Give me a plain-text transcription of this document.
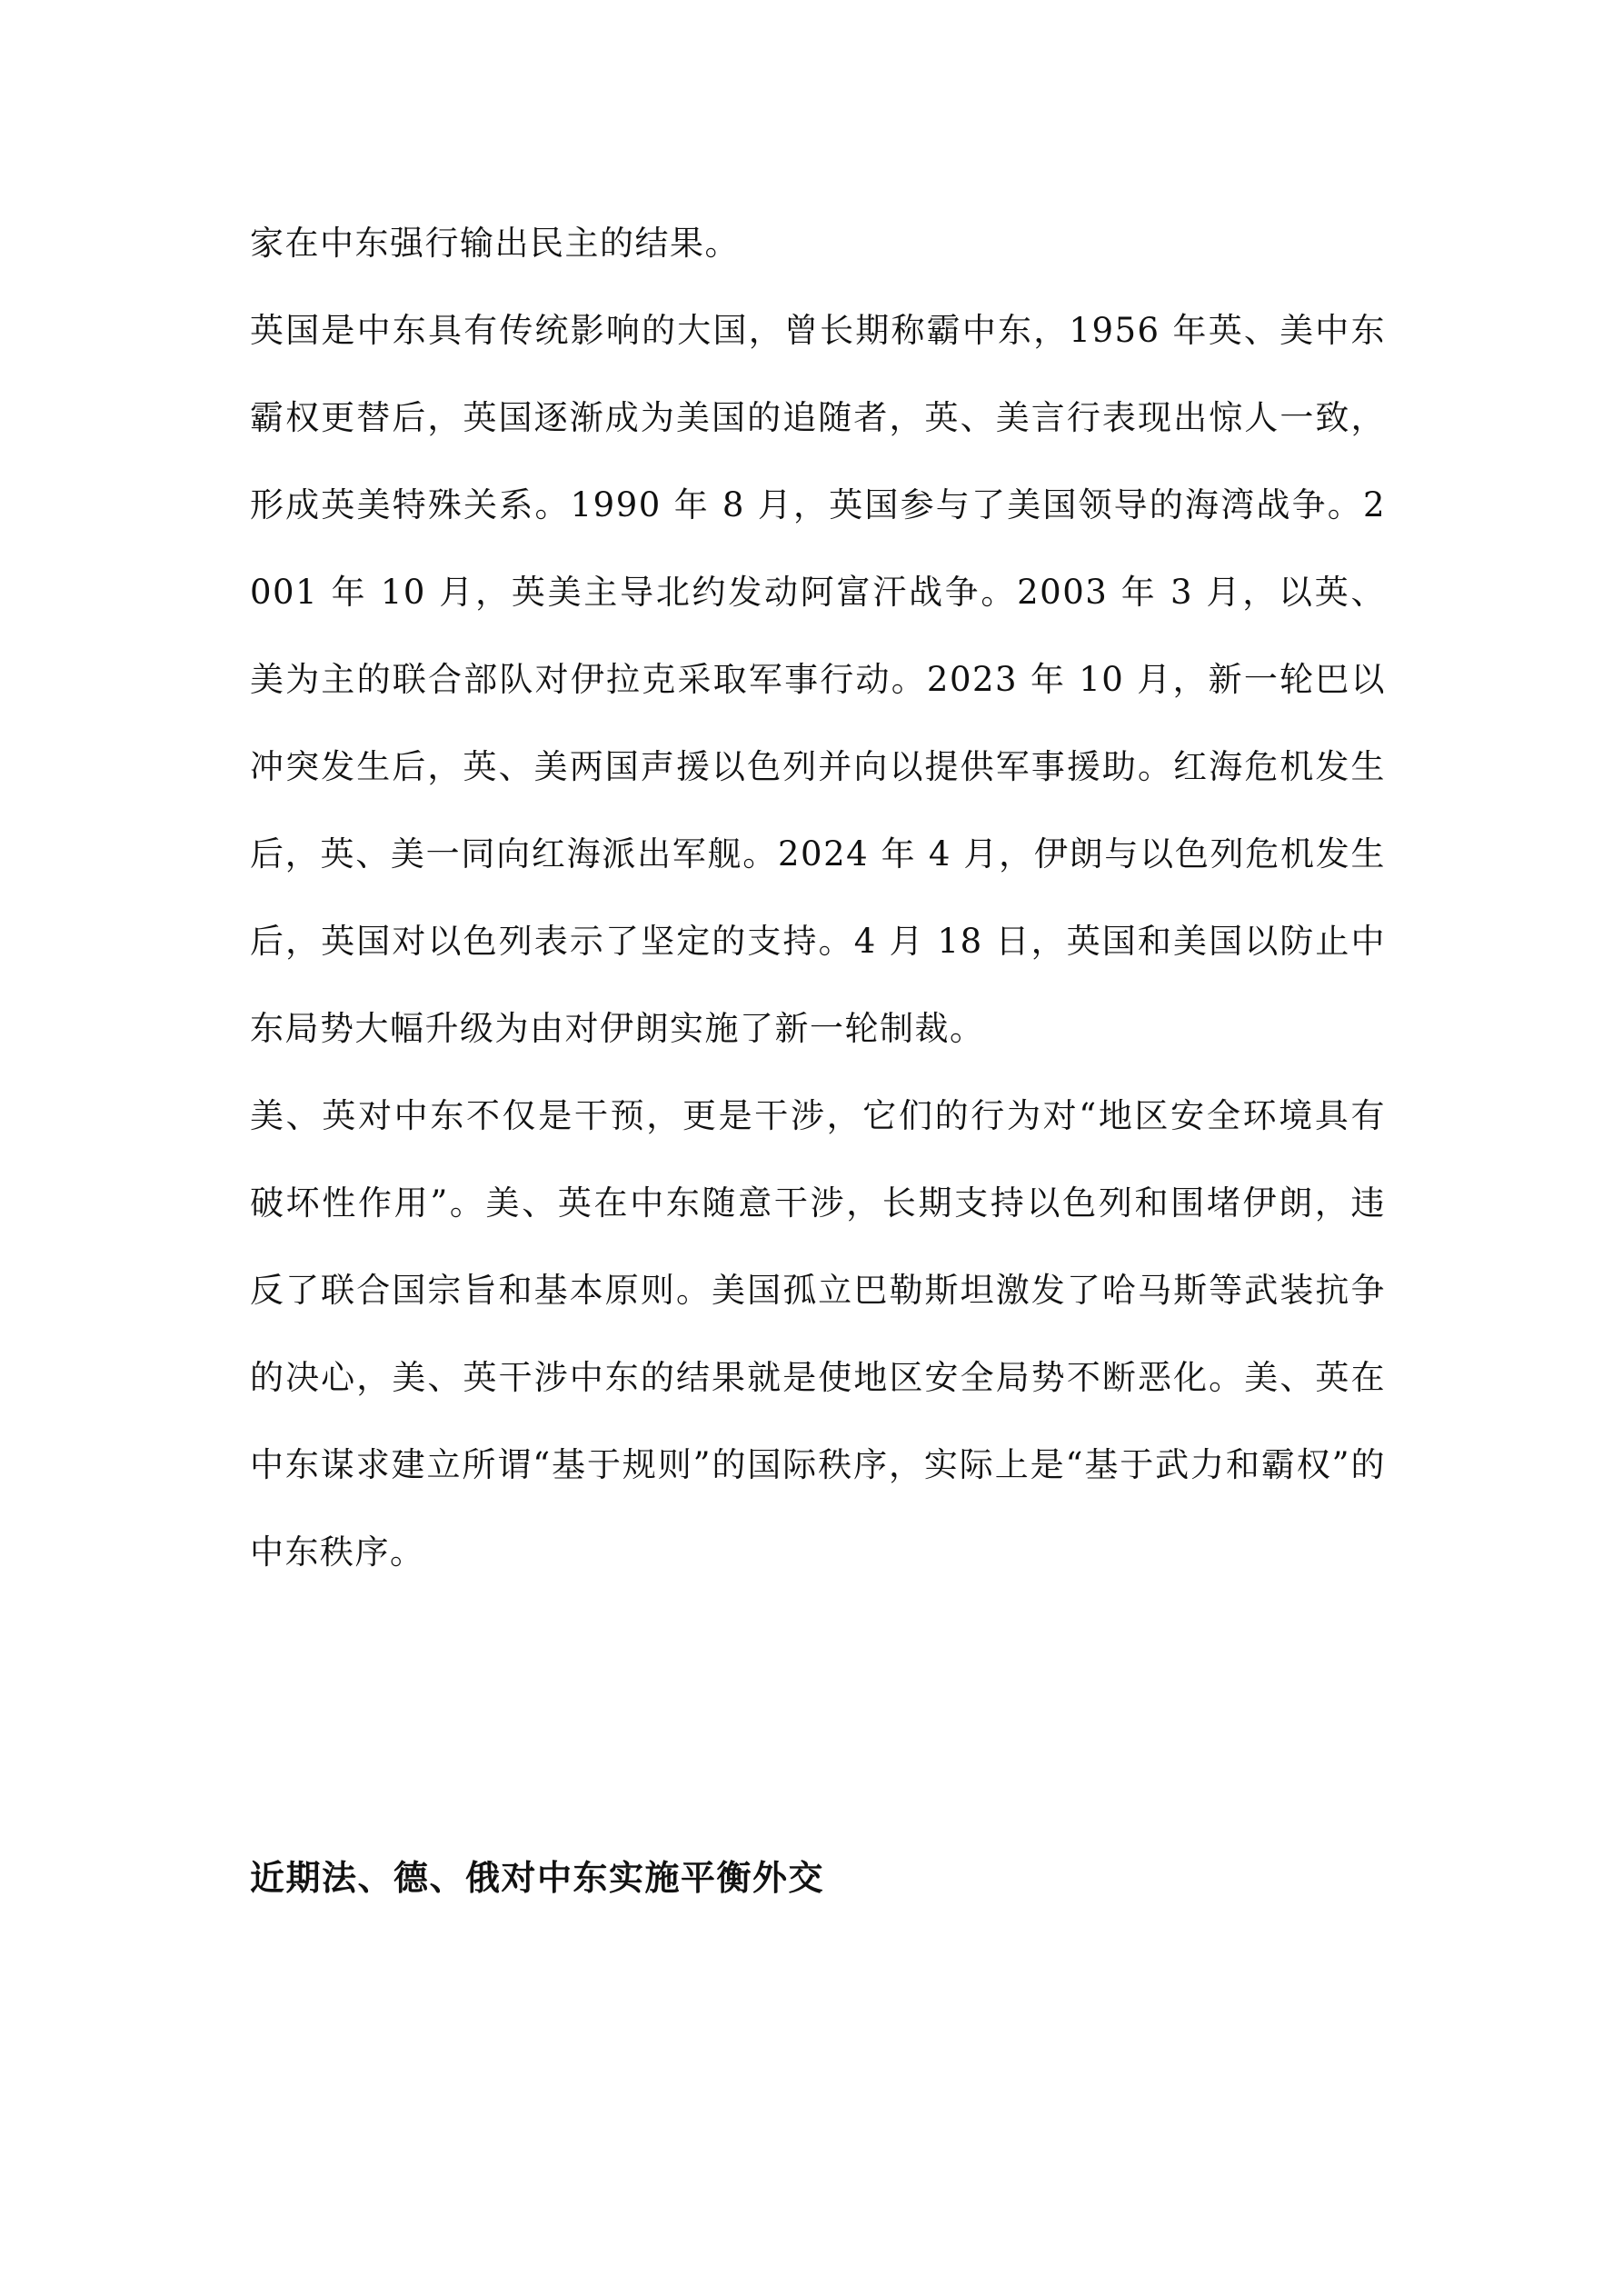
家在中东强行输出民主的结果。

英国是中东具有传统影响的大国，曾长期称霸中东，1956 年英、美中东霸权更替后，英国逐渐成为美国的追随者，英、美言行表现出惊人一致，形成英美特殊关系。1990 年 8 月，英国参与了美国领导的海湾战争。2001 年 10 月，英美主导北约发动阿富汗战争。2003 年 3 月，以英、美为主的联合部队对伊拉克采取军事行动。2023 年 10 月，新一轮巴以冲突发生后，英、美两国声援以色列并向以提供军事援助。红海危机发生后，英、美一同向红海派出军舰。2024 年 4 月，伊朗与以色列危机发生后，英国对以色列表示了坚定的支持。4 月 18 日，英国和美国以防止中东局势大幅升级为由对伊朗实施了新一轮制裁。

美、英对中东不仅是干预，更是干涉，它们的行为对“地区安全环境具有破坏性作用”。美、英在中东随意干涉，长期支持以色列和围堵伊朗，违反了联合国宗旨和基本原则。美国孤立巴勒斯坦激发了哈马斯等武装抗争的决心，美、英干涉中东的结果就是使地区安全局势不断恶化。美、英在中东谋求建立所谓“基于规则”的国际秩序，实际上是“基于武力和霸权”的中东秩序。

近期法、德、俄对中东实施平衡外交
